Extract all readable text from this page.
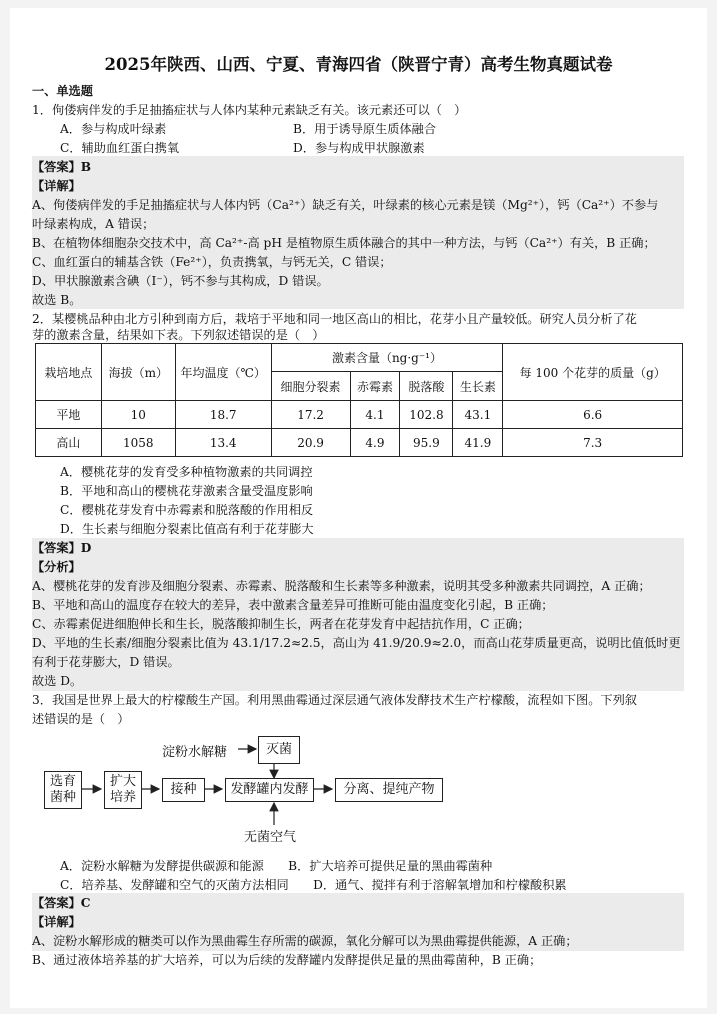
2025年陕西、山西、宁夏、青海四省（陕晋宁青）高考生物真题试卷
一、单选题
1．佝偻病伴发的手足抽搐症状与人体内某种元素缺乏有关。该元素还可以（　）
A．参与构成叶绿素	B．用于诱导原生质体融合
C．辅助血红蛋白携氧	D．参与构成甲状腺激素
【答案】B
【详解】
A、佝偻病伴发的手足抽搐症状与人体内钙（Ca²⁺）缺乏有关，叶绿素的核心元素是镁（Mg²⁺），钙（Ca²⁺）不参与
叶绿素构成，A 错误；
B、在植物体细胞杂交技术中，高 Ca²⁺-高 pH 是植物原生质体融合的其中一种方法，与钙（Ca²⁺）有关，B 正确；
C、血红蛋白的辅基含铁（Fe²⁺），负责携氧，与钙无关，C 错误；
D、甲状腺激素含碘（I⁻），钙不参与其构成，D 错误。
故选 B。
2．某樱桃品种由北方引种到南方后，栽培于平地和同一地区高山的相比，花芽小且产量较低。研究人员分析了花
芽的激素含量，结果如下表。下列叙述错误的是（　）
栽培地点	海拔（m）	年均温度（℃）	激素含量（ng·g⁻¹）				每 100 个花芽的质量（g）
			细胞分裂素	赤霉素	脱落酸	生长素	
平地	10	18.7	17.2	4.1	102.8	43.1	6.6
高山	1058	13.4	20.9	4.9	95.9	41.9	7.3
A．樱桃花芽的发育受多种植物激素的共同调控
B．平地和高山的樱桃花芽激素含量受温度影响
C．樱桃花芽发育中赤霉素和脱落酸的作用相反
D．生长素与细胞分裂素比值高有利于花芽膨大
【答案】D
【分析】
A、樱桃花芽的发育涉及细胞分裂素、赤霉素、脱落酸和生长素等多种激素，说明其受多种激素共同调控，A 正确；
B、平地和高山的温度存在较大的差异，表中激素含量差异可推断可能由温度变化引起，B 正确；
C、赤霉素促进细胞伸长和生长，脱落酸抑制生长，两者在花芽发育中起拮抗作用，C 正确；
D、平地的生长素/细胞分裂素比值为 43.1/17.2≈2.5，高山为 41.9/20.9≈2.0，而高山花芽质量更高，说明比值低时更
有利于花芽膨大，D 错误。
故选 D。
3．我国是世界上最大的柠檬酸生产国。利用黑曲霉通过深层通气液体发酵技术生产柠檬酸，流程如下图。下列叙
述错误的是（　）
淀粉水解糖	灭菌
选育
菌种
扩大
培养
接种	发酵罐内发酵	分离、提纯产物
无菌空气
A．淀粉水解糖为发酵提供碳源和能源　　B．扩大培养可提供足量的黑曲霉菌种
C．培养基、发酵罐和空气的灭菌方法相同　　D．通气、搅拌有利于溶解氧增加和柠檬酸积累
【答案】C
【详解】
A、淀粉水解形成的糖类可以作为黑曲霉生存所需的碳源，氧化分解可以为黑曲霉提供能源，A 正确；
B、通过液体培养基的扩大培养，可以为后续的发酵罐内发酵提供足量的黑曲霉菌种，B 正确；
